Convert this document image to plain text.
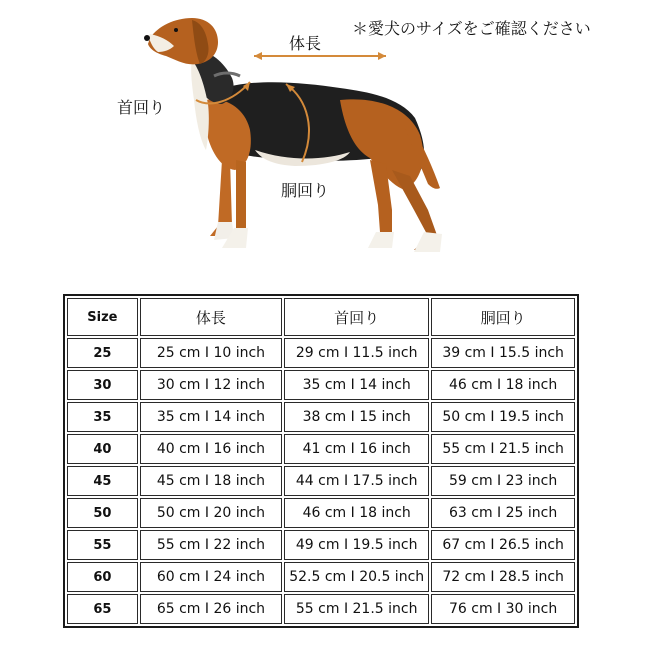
＊愛犬のサイズをご確認ください
体長
首回り
胴回り
Size	体長	首回り	胴回り
25	25 cm I 10 inch	29 cm I 11.5 inch	39 cm I 15.5 inch
30	30 cm I 12 inch	35 cm I 14 inch	46 cm I 18 inch
35	35 cm I 14 inch	38 cm I 15 inch	50 cm I 19.5 inch
40	40 cm I 16 inch	41 cm I 16 inch	55 cm I 21.5 inch
45	45 cm I 18 inch	44 cm I 17.5 inch	59 cm I 23 inch
50	50 cm I 20 inch	46 cm I 18 inch	63 cm I 25 inch
55	55 cm I 22 inch	49 cm I 19.5 inch	67 cm I 26.5 inch
60	60 cm I 24 inch	52.5 cm I 20.5 inch	72 cm I 28.5 inch
65	65 cm I 26 inch	55 cm I 21.5 inch	76 cm I 30 inch
